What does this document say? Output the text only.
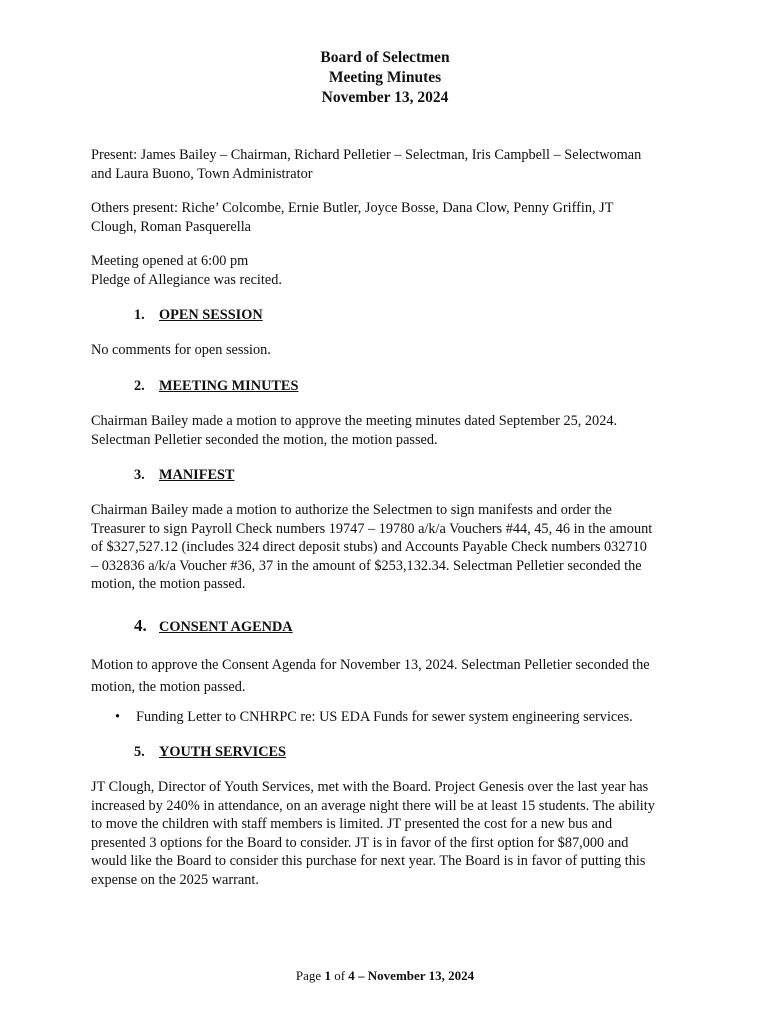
Board of Selectmen
Meeting Minutes
November 13, 2024
Present: James Bailey – Chairman, Richard Pelletier – Selectman, Iris Campbell – Selectwoman
and Laura Buono, Town Administrator
Others present: Riche’ Colcombe, Ernie Butler, Joyce Bosse, Dana Clow, Penny Griffin, JT
Clough, Roman Pasquerella
Meeting opened at 6:00 pm
Pledge of Allegiance was recited.
1. OPEN SESSION
No comments for open session.
2. MEETING MINUTES
Chairman Bailey made a motion to approve the meeting minutes dated September 25, 2024.
Selectman Pelletier seconded the motion, the motion passed.
3. MANIFEST
Chairman Bailey made a motion to authorize the Selectmen to sign manifests and order the
Treasurer to sign Payroll Check numbers 19747 – 19780 a/k/a Vouchers #44, 45, 46 in the amount
of $327,527.12 (includes 324 direct deposit stubs) and Accounts Payable Check numbers 032710
– 032836 a/k/a Voucher #36, 37 in the amount of $253,132.34. Selectman Pelletier seconded the
motion, the motion passed.
4. CONSENT AGENDA
Motion to approve the Consent Agenda for November 13, 2024. Selectman Pelletier seconded the
motion, the motion passed.
• Funding Letter to CNHRPC re: US EDA Funds for sewer system engineering services.
5. YOUTH SERVICES
JT Clough, Director of Youth Services, met with the Board. Project Genesis over the last year has
increased by 240% in attendance, on an average night there will be at least 15 students. The ability
to move the children with staff members is limited. JT presented the cost for a new bus and
presented 3 options for the Board to consider. JT is in favor of the first option for $87,000 and
would like the Board to consider this purchase for next year. The Board is in favor of putting this
expense on the 2025 warrant.
Page 1 of 4 – November 13, 2024
